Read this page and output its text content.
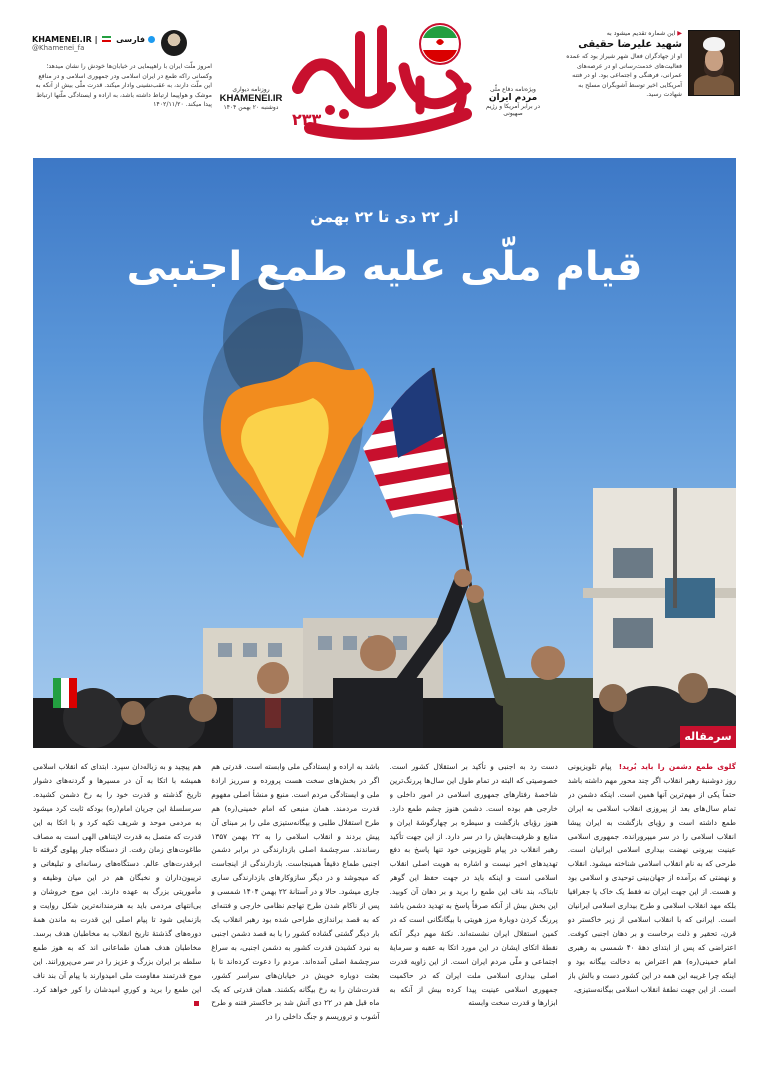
KHAMENEI.IR |  فارسی
@Khamenei_fa
امروز ملّت ایران با راهپیمایی در خیابان‌ها خودش را نشان میدهد؛ وکسانی راکه طمع در ایران اسلامی ودر جمهوری اسلامی و در منافع این ملّت دارند، به عقب‌نشینی وادار میکند. قدرت ملّی بیش از آنکه به موشک و هواپیما ارتباط داشته باشد، به اراده و ایستادگی ملّتها ارتباط پیدا میکند. ۱۴۰۲/۱۱/۲۰
روزنامه دیواری
KHAMENEI.IR
دوشنبه ۲۰ بهمن ۱۴۰۴
۲۳۳
ویژه‌نامه دفاع ملّی
مردم ایران
در برابر آمریکا و رژیم صهیونی
▶ این شماره تقدیم میشود به
شهید علیرضا حقیقی
او از جهادگران فعال شهر شیراز بود که عمده فعالیت‌های خدمت‌رسانی او در عرصه‌های عمرانی، فرهنگی و اجتماعی بود. او در فتنه آمریکایی اخیر توسط آشوبگران مسلح به شهادت رسید.
از ۲۲ دی تا ۲۲ بهمن
قیام ملّی علیه طمع اجنبی
سرمقاله
گلوی طمع دشمن را باید بُرید! پیام تلویزیونی روز دوشنبهٔ رهبر انقلاب اگر چند محور مهم داشته باشد حتماً یکی از مهم‌ترین آنها همین است. اینکه دشمن در تمام سال‌های بعد از پیروزی انقلاب اسلامی به ایران طمع داشته است و رؤیای بازگشت به ایران پیشا انقلاب اسلامی را در سر میپرورانده. جمهوری اسلامی عینیت بیرونی نهضت بیداری اسلامی ایرانیان است. طرحی که به نام انقلاب اسلامی شناخته میشود. انقلاب و نهضتی که برآمده از جهان‌بینی توحیدی و اسلامی بود و هست. از این جهت ایران نه فقط یک خاک یا جغرافیا بلکه مهد انقلاب اسلامی و طرح بیداری اسلامی ایرانیان است. ایرانی که با انقلاب اسلامی از زیر خاکستر دو قرن، تحقیر و ذلت برخاست و بر دهان اجنبی کوفت. اعتراضی که پس از ابتدای دههٔ ۴۰ شمسی به رهبری امام خمینی(ره) هم اعتراض به دخالت بیگانه بود و اینکه چرا غریبه این همه در این کشور دست و بالش باز است. از این جهت نطفهٔ انقلاب اسلامی بیگانه‌ستیزی،
دست رد به اجنبی و تأکید بر استقلال کشور است. خصوصیتی که البته در تمام طول این سال‌ها پررنگ‌ترین شاخصهٔ رفتارهای جمهوری اسلامی در امور داخلی و خارجی هم بوده است. دشمن هنوز چشم طمع دارد. هنوز رؤیای بازگشت و سیطره بر چهارگوشهٔ ایران و منابع و ظرفیت‌هایش را در سر دارد. از این جهت تأکید رهبر انقلاب در پیام تلویزیونی خود تنها پاسخ به دفع تهدیدهای اخیر نیست و اشاره به هویت اصلی انقلاب اسلامی است و اینکه باید در جهت حفظ این گوهر تابناک، بند ناف این طمع را برید و بر دهان آن کوبید. این بخش بیش از آنکه صرفاً پاسخ به تهدید دشمن باشد پررنگ کردن دوبارهٔ مرز هویتی با بیگانگانی است که در کمین استقلال ایران نشسته‌اند. نکتهٔ مهم دیگر آنکه نقطهٔ اتکای ایشان در این مورد اتکا به عقبه و سرمایهٔ اجتماعی و ملّی مردم ایران است. از این زاویه قدرت اصلی بیداری اسلامی ملت ایران که در حاکمیت جمهوری اسلامی عینیت پیدا کرده بیش از آنکه به ابزارها و قدرت سخت وابسته
باشد به اراده و ایستادگی ملی وابسته است. قدرتی هم اگر در بخش‌های سخت هست پرورده و سرریز ارادهٔ ملی و ایستادگی مردم است. منبع و منشأ اصلی مفهوم قدرت مردمند. همان منبعی که امام خمینی(ره) هم طرح استقلال طلبی و بیگانه‌ستیزی ملی را بر مبنای آن پیش بردند و انقلاب اسلامی را به ۲۲ بهمن ۱۳۵۷ رساندند. سرچشمهٔ اصلی بازدارندگی در برابر دشمن اجنبی طماع دقیقاً همینجاست. بازدارندگی از اینجاست که میجوشد و در دیگر سازوکارهای بازدارندگی ساری جاری میشود. حالا و در آستانهٔ ۲۲ بهمن ۱۴۰۴ شمسی و پس از ناکام شدن طرح تهاجم نظامی خارجی و فتنه‌ای که به قصد براندازی طراحی شده بود رهبر انقلاب یک بار دیگر گشتی گشاده کشور را با به قصد دشمن اجنبی به نبرد کشیدن قدرت کشور به دشمن اجنبی، به سراغ سرچشمهٔ اصلی آمده‌اند. مردم را دعوت کرده‌اند تا با بعثت دوباره خویش در خیابان‌های سراسر کشور، قدرت‌شان را به رخ بیگانه بکشند. همان قدرتی که یک ماه قبل هم در ۲۲ دی آتش شد بر خاکستر فتنه و طرح آشوب و تروریسم و جنگ داخلی را در
هم پیچید و به زباله‌دان سپرد. ابتدای که انقلاب اسلامی همیشه با اتکا به آن در مسیرها و گردنه‌های دشوار تاریخ گذشته و قدرت خود را به رخ دشمن کشیده. سرسلسلهٔ این جریان امام(ره) بودکه ثابت کرد میشود به مردمی موحد و شریف تکیه کرد و با اتکا به این قدرت که متصل به قدرت لایتناهی الهی است به مصاف طاغوت‌های زمان رفت. از دستگاه جبار پهلوی گرفته تا ابرقدرت‌های عالم. دستگاه‌های رسانه‌ای و تبلیغاتی و تریبون‌داران و نخبگان هم در این میان وظیفه و مأموریتی بزرگ به عهده دارند. این موج خروشان و بی‌انتهای مردمی باید به هنرمندانه‌ترین شکل روایت و بازنمایی شود تا پیام اصلی این قدرت به ماندن همهٔ دوره‌های گذشتهٔ تاریخ انقلاب به مخاطبان هدف برسد. مخاطبان هدف همان طماعانی اند که به هوز طمع سلطه بر ایران بزرگ و عزیز را در سر می‌پرورانند. این موج قدرتمند مقاومت ملی امیدوارند با پیام آن بند ناف این طمع را برید و کوریِ امیدشان را کور خواهد کرد.
